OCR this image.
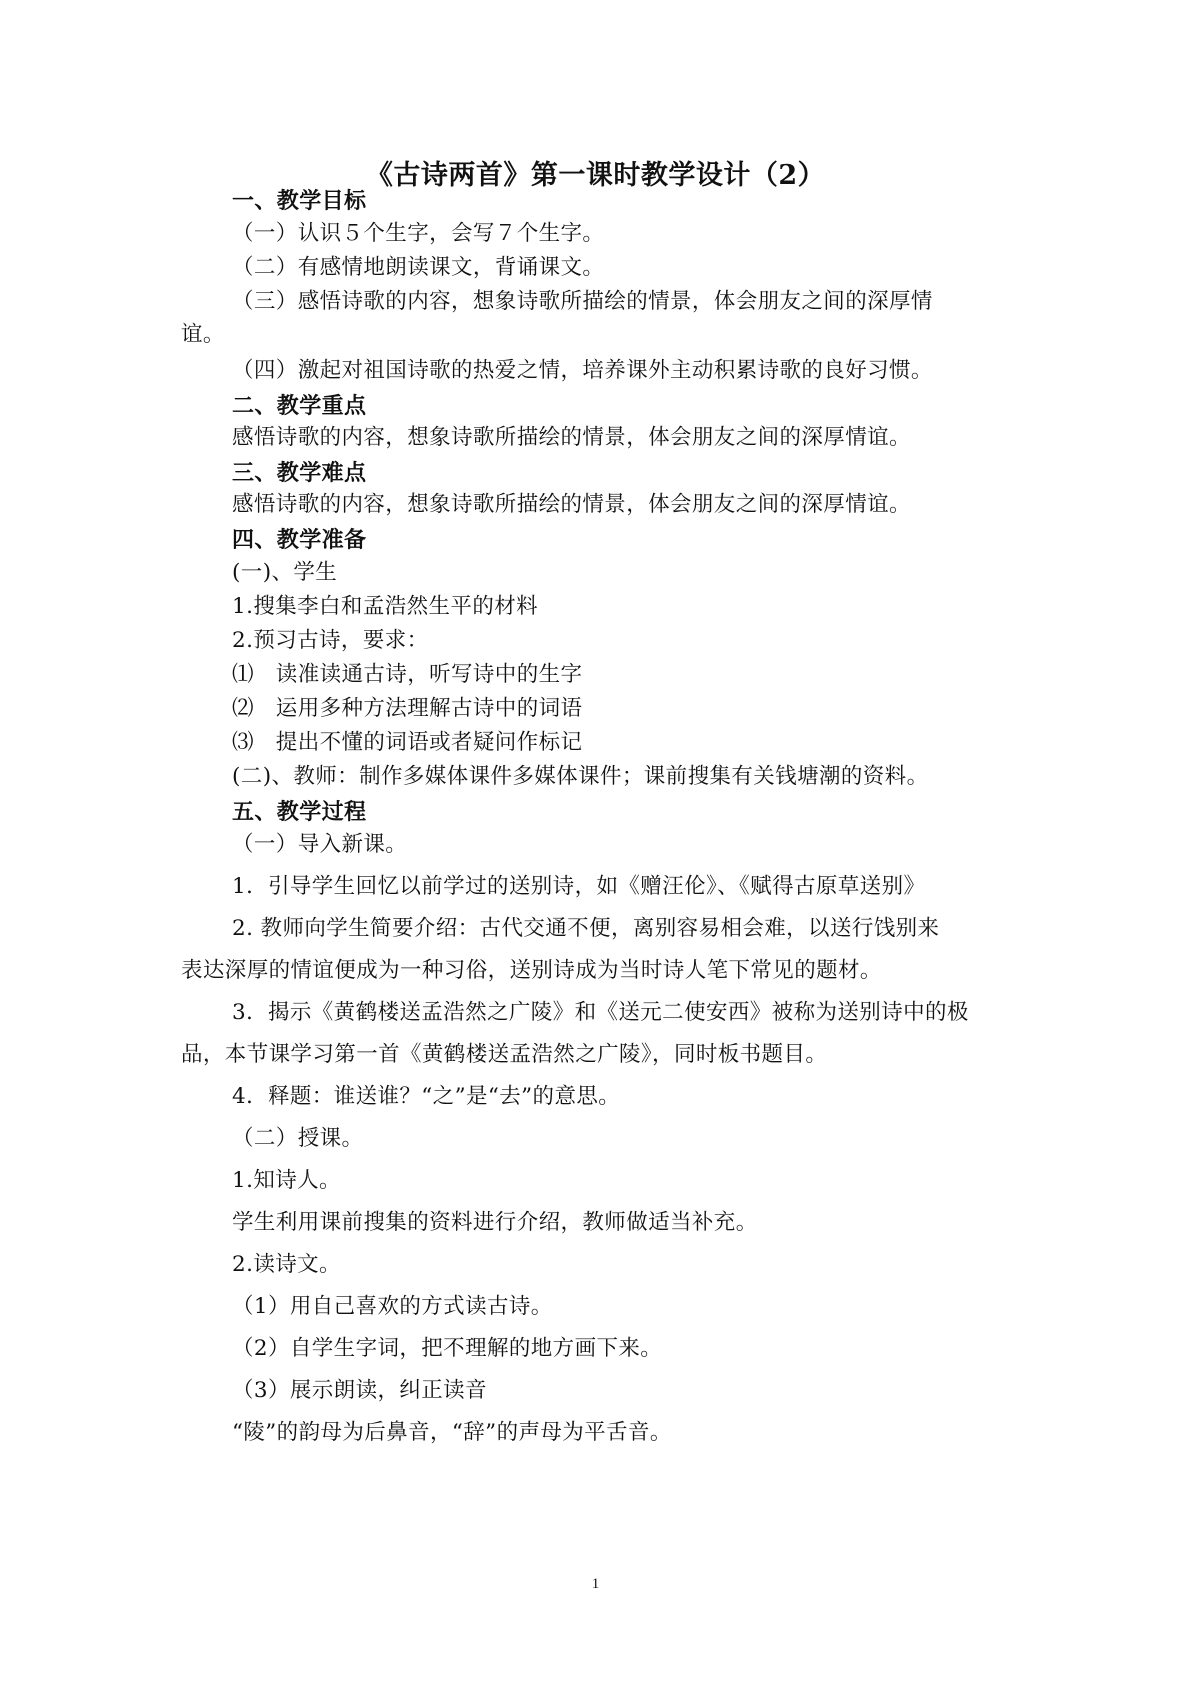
《古诗两首》第一课时教学设计（2）
一、教学目标
（一）认识５个生字，会写７个生字。
（二）有感情地朗读课文，背诵课文。
（三）感悟诗歌的内容，想象诗歌所描绘的情景，体会朋友之间的深厚情
谊。
（四）激起对祖国诗歌的热爱之情，培养课外主动积累诗歌的良好习惯。
二、教学重点
感悟诗歌的内容，想象诗歌所描绘的情景，体会朋友之间的深厚情谊。
三、教学难点
感悟诗歌的内容，想象诗歌所描绘的情景，体会朋友之间的深厚情谊。
四、教学准备
(一)、学生
1.搜集李白和孟浩然生平的材料
2.预习古诗，要求：
⑴　读准读通古诗，听写诗中的生字
⑵　运用多种方法理解古诗中的词语
⑶　提出不懂的词语或者疑问作标记
(二)、教师：制作多媒体课件多媒体课件；课前搜集有关钱塘潮的资料。
五、教学过程
（一）导入新课。
1．引导学生回忆以前学过的送别诗，如《赠汪伦》、《赋得古原草送别》
2. 教师向学生简要介绍：古代交通不便，离别容易相会难，以送行饯别来
表达深厚的情谊便成为一种习俗，送别诗成为当时诗人笔下常见的题材。
3．揭示《黄鹤楼送孟浩然之广陵》和《送元二使安西》被称为送别诗中的极
品，本节课学习第一首《黄鹤楼送孟浩然之广陵》，同时板书题目。
4．释题：谁送谁？“之”是“去”的意思。
（二）授课。
1.知诗人。
学生利用课前搜集的资料进行介绍，教师做适当补充。
2.读诗文。
（1）用自己喜欢的方式读古诗。
（2）自学生字词，把不理解的地方画下来。
（3）展示朗读，纠正读音
“陵”的韵母为后鼻音，“辞”的声母为平舌音。
1
